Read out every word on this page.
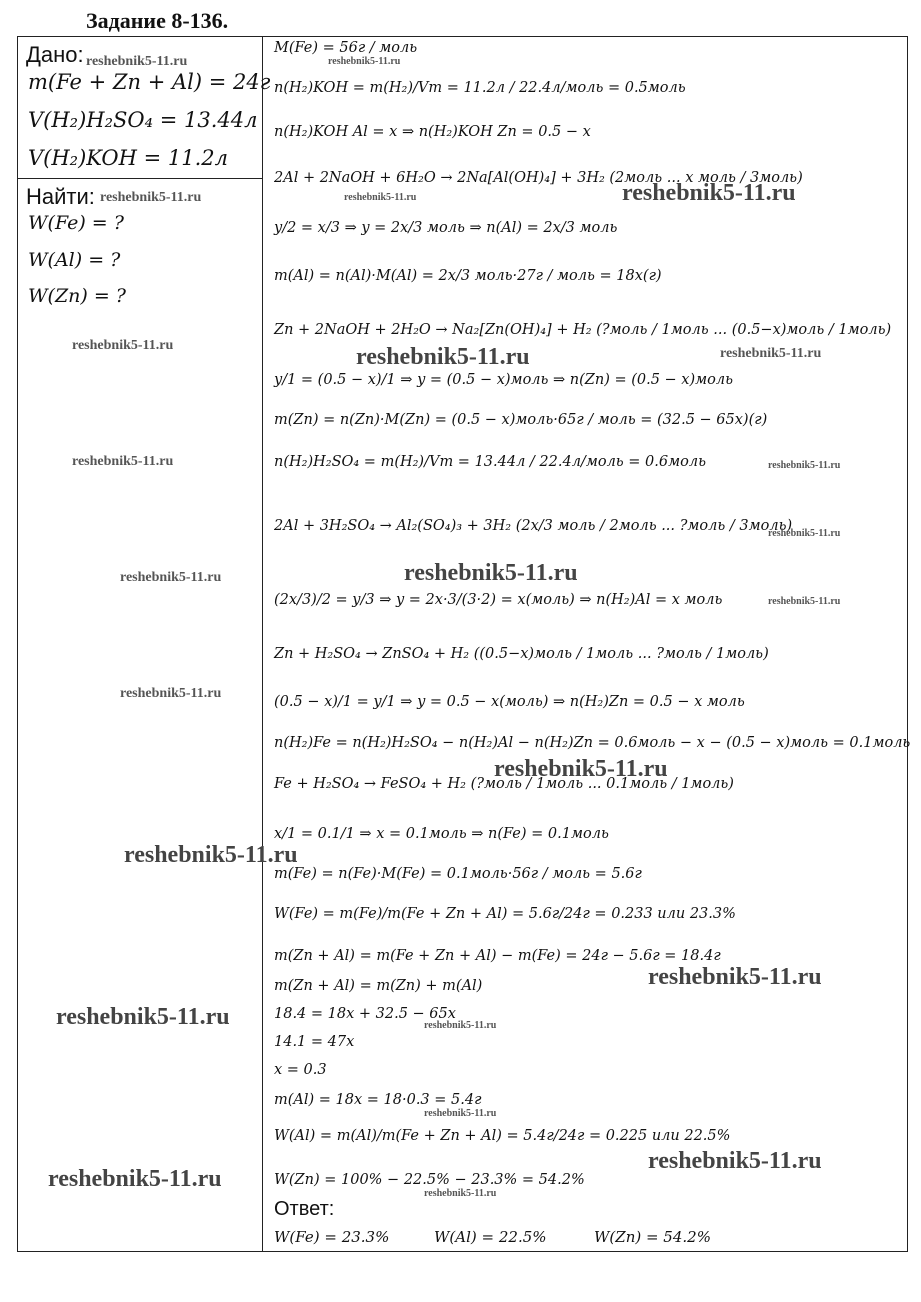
Задание 8-136.
Дано:
m(Fe + Zn + Al) = 24г
V(H₂)H₂SO₄ = 13.44л
V(H₂)KOH = 11.2л
Найти:
W(Fe) = ?
W(Al) = ?
W(Zn) = ?
M(Fe) = 56г / моль
n(H₂)KOH = m(H₂)/Vm = 11.2л / 22.4л/моль = 0.5моль
n(H₂)KOH Al = x ⇒ n(H₂)KOH Zn = 0.5 − x
2Al + 2NaOH + 6H₂O → 2Na[Al(OH)₄] + 3H₂ (2моль ... x моль / 3моль)
y/2 = x/3 ⇒ y = 2x/3 моль ⇒ n(Al) = 2x/3 моль
m(Al) = n(Al)·M(Al) = 2x/3 моль·27г / моль = 18x(г)
Zn + 2NaOH + 2H₂O → Na₂[Zn(OH)₄] + H₂ (?моль / 1моль ... (0.5−x)моль / 1моль)
y/1 = (0.5 − x)/1 ⇒ y = (0.5 − x)моль ⇒ n(Zn) = (0.5 − x)моль
m(Zn) = n(Zn)·M(Zn) = (0.5 − x)моль·65г / моль = (32.5 − 65x)(г)
n(H₂)H₂SO₄ = m(H₂)/Vm = 13.44л / 22.4л/моль = 0.6моль
2Al + 3H₂SO₄ → Al₂(SO₄)₃ + 3H₂ (2x/3 моль / 2моль ... ?моль / 3моль)
(2x/3)/2 = y/3 ⇒ y = 2x·3/(3·2) = x(моль) ⇒ n(H₂)Al = x моль
Zn + H₂SO₄ → ZnSO₄ + H₂ ((0.5−x)моль / 1моль ... ?моль / 1моль)
(0.5 − x)/1 = y/1 ⇒ y = 0.5 − x(моль) ⇒ n(H₂)Zn = 0.5 − x моль
n(H₂)Fe = n(H₂)H₂SO₄ − n(H₂)Al − n(H₂)Zn = 0.6моль − x − (0.5 − x)моль = 0.1моль
Fe + H₂SO₄ → FeSO₄ + H₂ (?моль / 1моль ... 0.1моль / 1моль)
x/1 = 0.1/1 ⇒ x = 0.1моль ⇒ n(Fe) = 0.1моль
m(Fe) = n(Fe)·M(Fe) = 0.1моль·56г / моль = 5.6г
W(Fe) = m(Fe)/m(Fe + Zn + Al) = 5.6г/24г = 0.233 или 23.3%
m(Zn + Al) = m(Fe + Zn + Al) − m(Fe) = 24г − 5.6г = 18.4г
m(Zn + Al) = m(Zn) + m(Al)
18.4 = 18x + 32.5 − 65x
14.1 = 47x
x = 0.3
m(Al) = 18x = 18·0.3 = 5.4г
W(Al) = m(Al)/m(Fe + Zn + Al) = 5.4г/24г = 0.225 или 22.5%
W(Zn) = 100% − 22.5% − 23.3% = 54.2%
Ответ:
W(Fe) = 23.3%	W(Al) = 22.5%	W(Zn) = 54.2%
reshebnik5-11.ru	reshebnik5-11.ru
reshebnik5-11.ru	reshebnik5-11.ru	reshebnik5-11.ru
reshebnik5-11.ru	reshebnik5-11.ru	reshebnik5-11.ru
reshebnik5-11.ru	reshebnik5-11.ru
reshebnik5-11.ru
reshebnik5-11.ru	reshebnik5-11.ru
reshebnik5-11.ru
reshebnik5-11.ru
reshebnik5-11.ru
reshebnik5-11.ru
reshebnik5-11.ru
reshebnik5-11.ru	reshebnik5-11.ru
reshebnik5-11.ru
reshebnik5-11.ru
reshebnik5-11.ru
reshebnik5-11.ru
